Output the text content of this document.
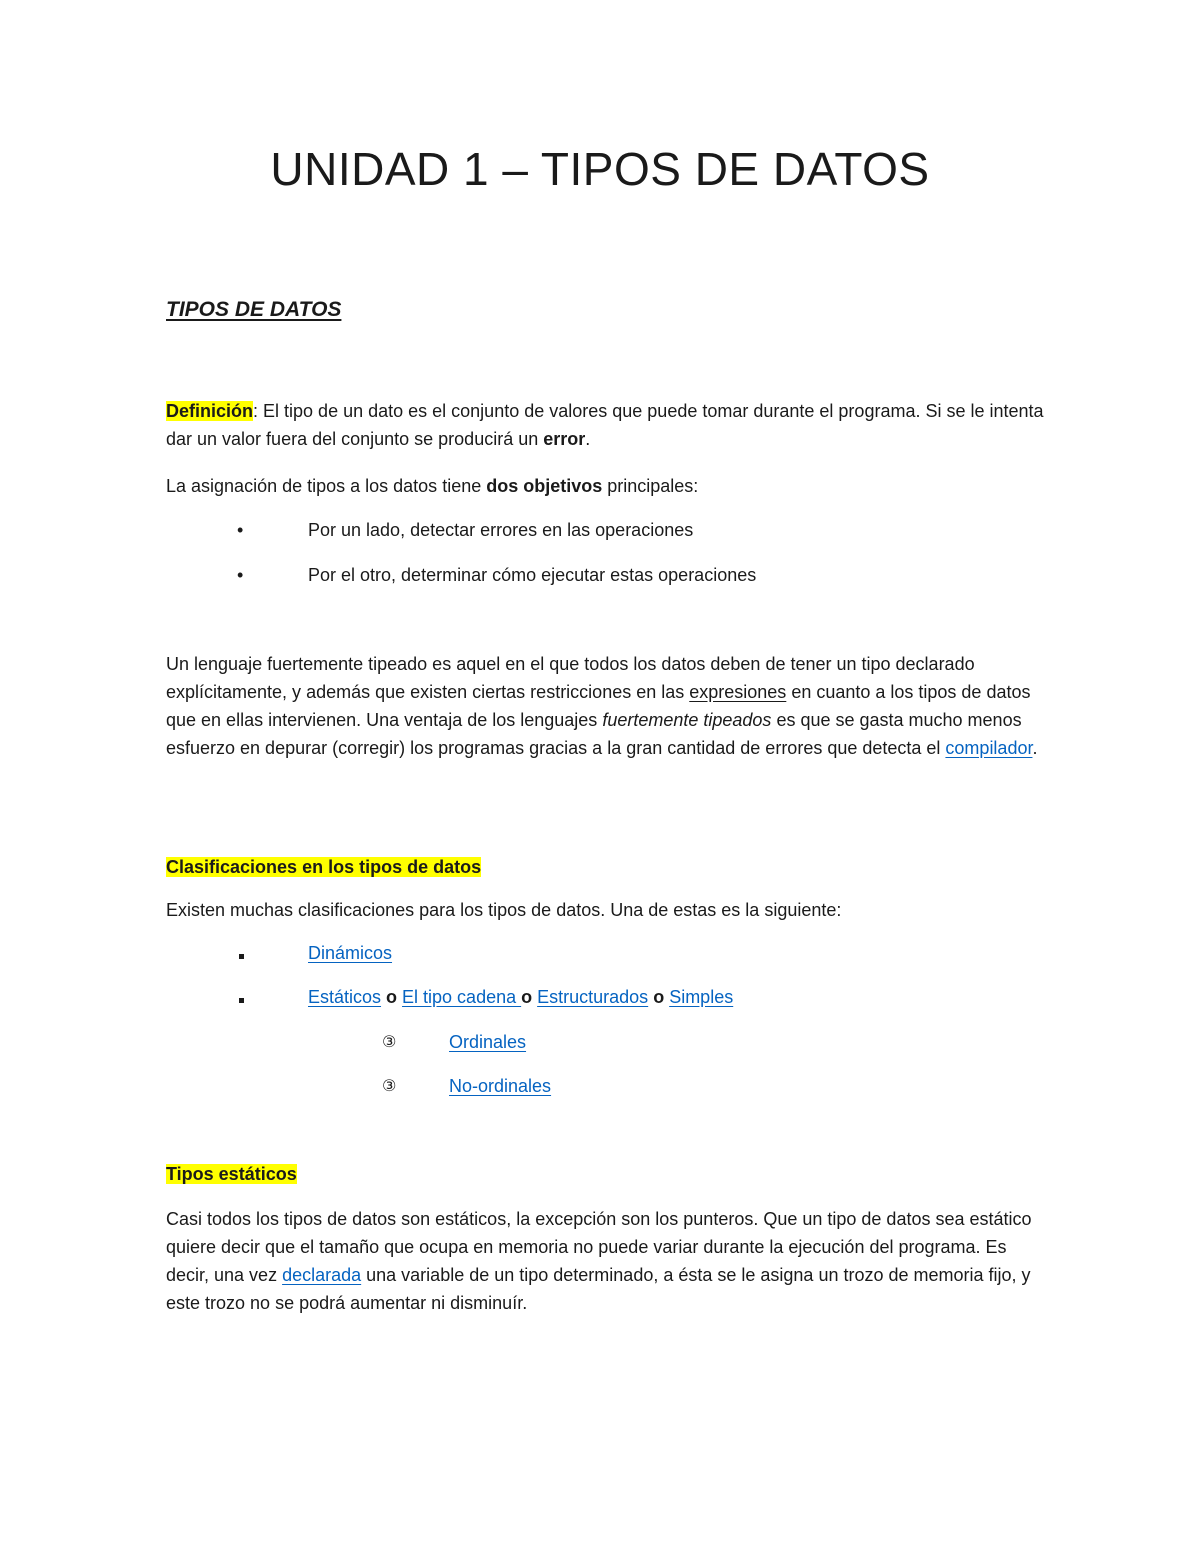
UNIDAD 1 – TIPOS DE DATOS
TIPOS DE DATOS

Definición: El tipo de un dato es el conjunto de valores que puede tomar durante el programa. Si se le intenta dar un valor fuera del conjunto se producirá un error.

La asignación de tipos a los datos tiene dos objetivos principales:

•	Por un lado, detectar errores en las operaciones
•	Por el otro, determinar cómo ejecutar estas operaciones

Un lenguaje fuertemente tipeado es aquel en el que todos los datos deben de tener un tipo declarado explícitamente, y además que existen ciertas restricciones en las expresiones en cuanto a los tipos de datos que en ellas intervienen. Una ventaja de los lenguajes fuertemente tipeados es que se gasta mucho menos esfuerzo en depurar (corregir) los programas gracias a la gran cantidad de errores que detecta el compilador.

Clasificaciones en los tipos de datos

Existen muchas clasificaciones para los tipos de datos. Una de estas es la siguiente:

Dinámicos
Estáticos o El tipo cadena o Estructurados o Simples
③	Ordinales
③	No-ordinales

Tipos estáticos

Casi todos los tipos de datos son estáticos, la excepción son los punteros. Que un tipo de datos sea estático quiere decir que el tamaño que ocupa en memoria no puede variar durante la ejecución del programa. Es decir, una vez declarada una variable de un tipo determinado, a ésta se le asigna un trozo de memoria fijo, y este trozo no se podrá aumentar ni disminuír.
